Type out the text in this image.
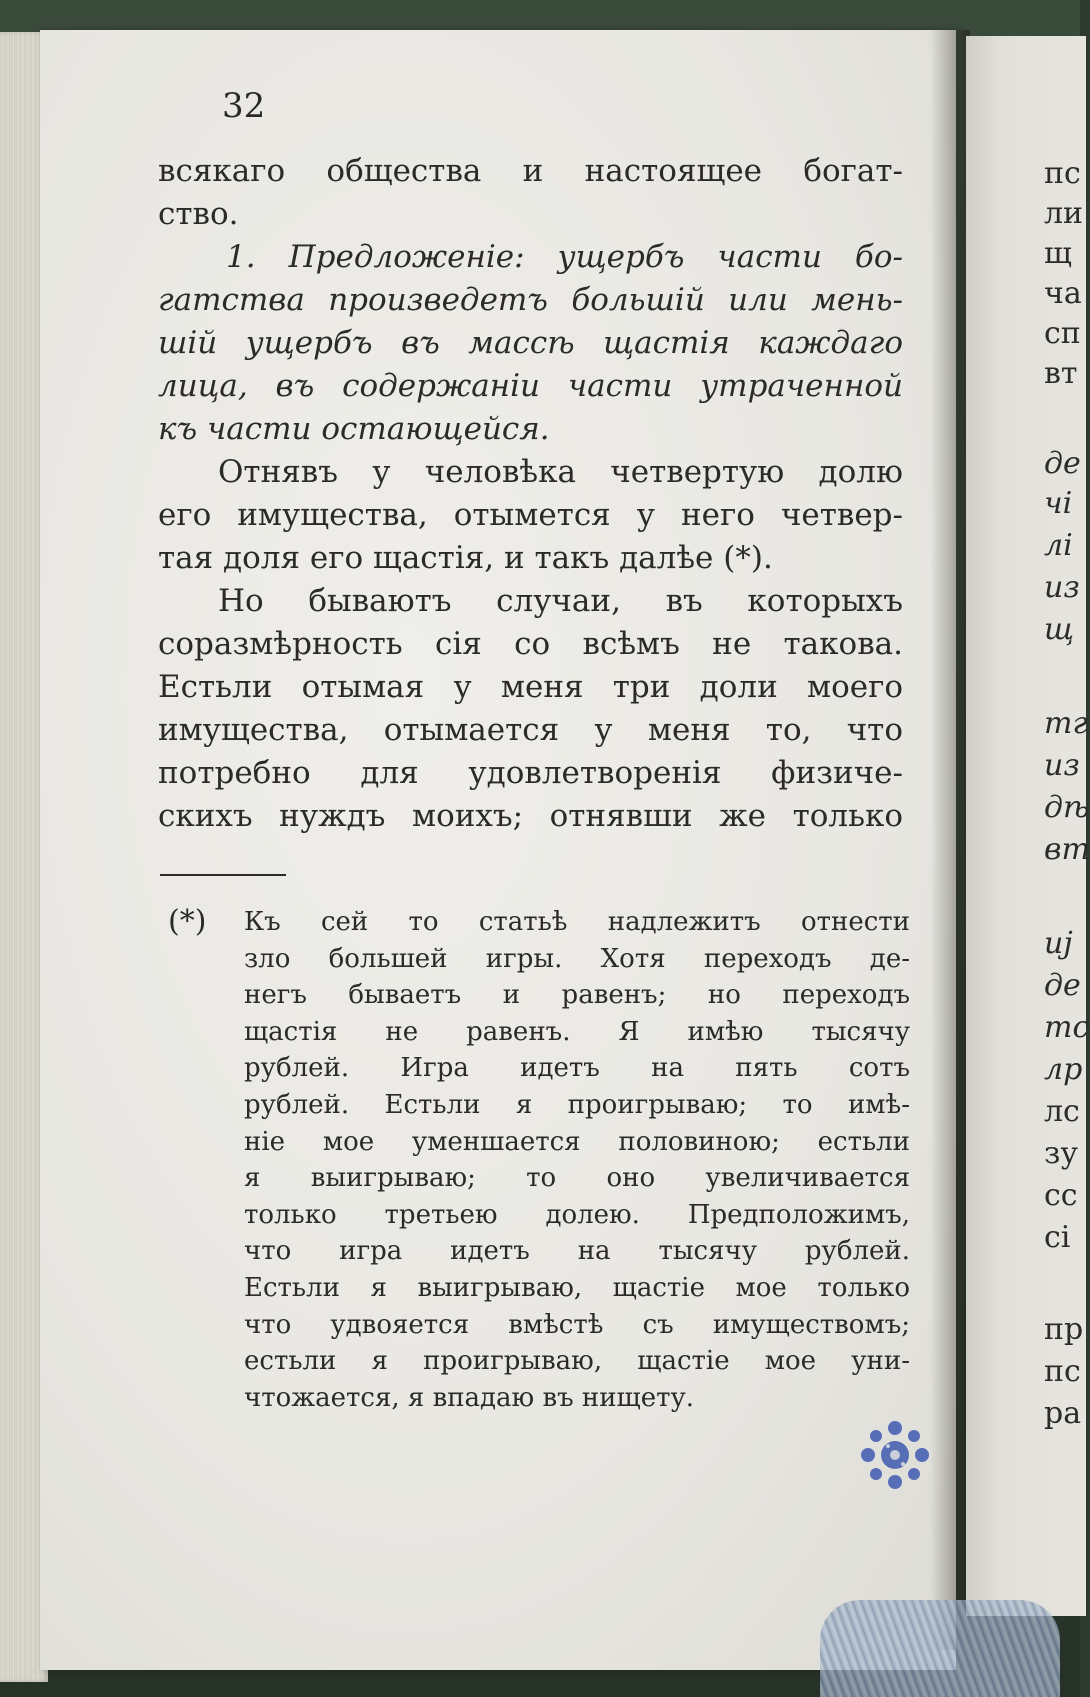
пс
ли
щ
ча
сп
вт
де
чі
лі
из
щ
тг
из
дѣ
вт
иј
де
тс
лр
лс
зу
сс
сі
пр
пс
ра
32
всякаго общества и настоящее богат-
ство.
1. Предложеніе: ущербъ части бо-
гатства произведетъ большій или мень-
шій ущербъ въ массѣ щастія каждаго
лица, въ содержаніи части утраченной
къ части остающейся.
Отнявъ у человѣка четвертую долю
его имущества, отымется у него четвер-
тая доля его щастія, и такъ далѣе (*).
Но бываютъ случаи, въ которыхъ
соразмѣрность сія со всѣмъ не такова.
Естьли отымая у меня три доли моего
имущества, отымается у меня то, что
потребно для удовлетворенія физиче-
скихъ нуждъ моихъ; отнявши же только
(*) Къ сей то статьѣ надлежитъ отнести
зло большей игры. Хотя переходъ де-
негъ бываетъ и равенъ; но переходъ
щастія не равенъ. Я имѣю тысячу
рублей. Игра идетъ на пять сотъ
рублей. Естьли я проигрываю; то имѣ-
ніе мое уменшается половиною; естьли
я выигрываю; то оно увеличивается
только третьею долею. Предположимъ,
что игра идетъ на тысячу рублей.
Естьли я выигрываю, щастіе мое только
что удвояется вмѣстѣ съ имуществомъ;
естьли я проигрываю, щастіе мое уни-
чтожается, я впадаю въ нищету.
